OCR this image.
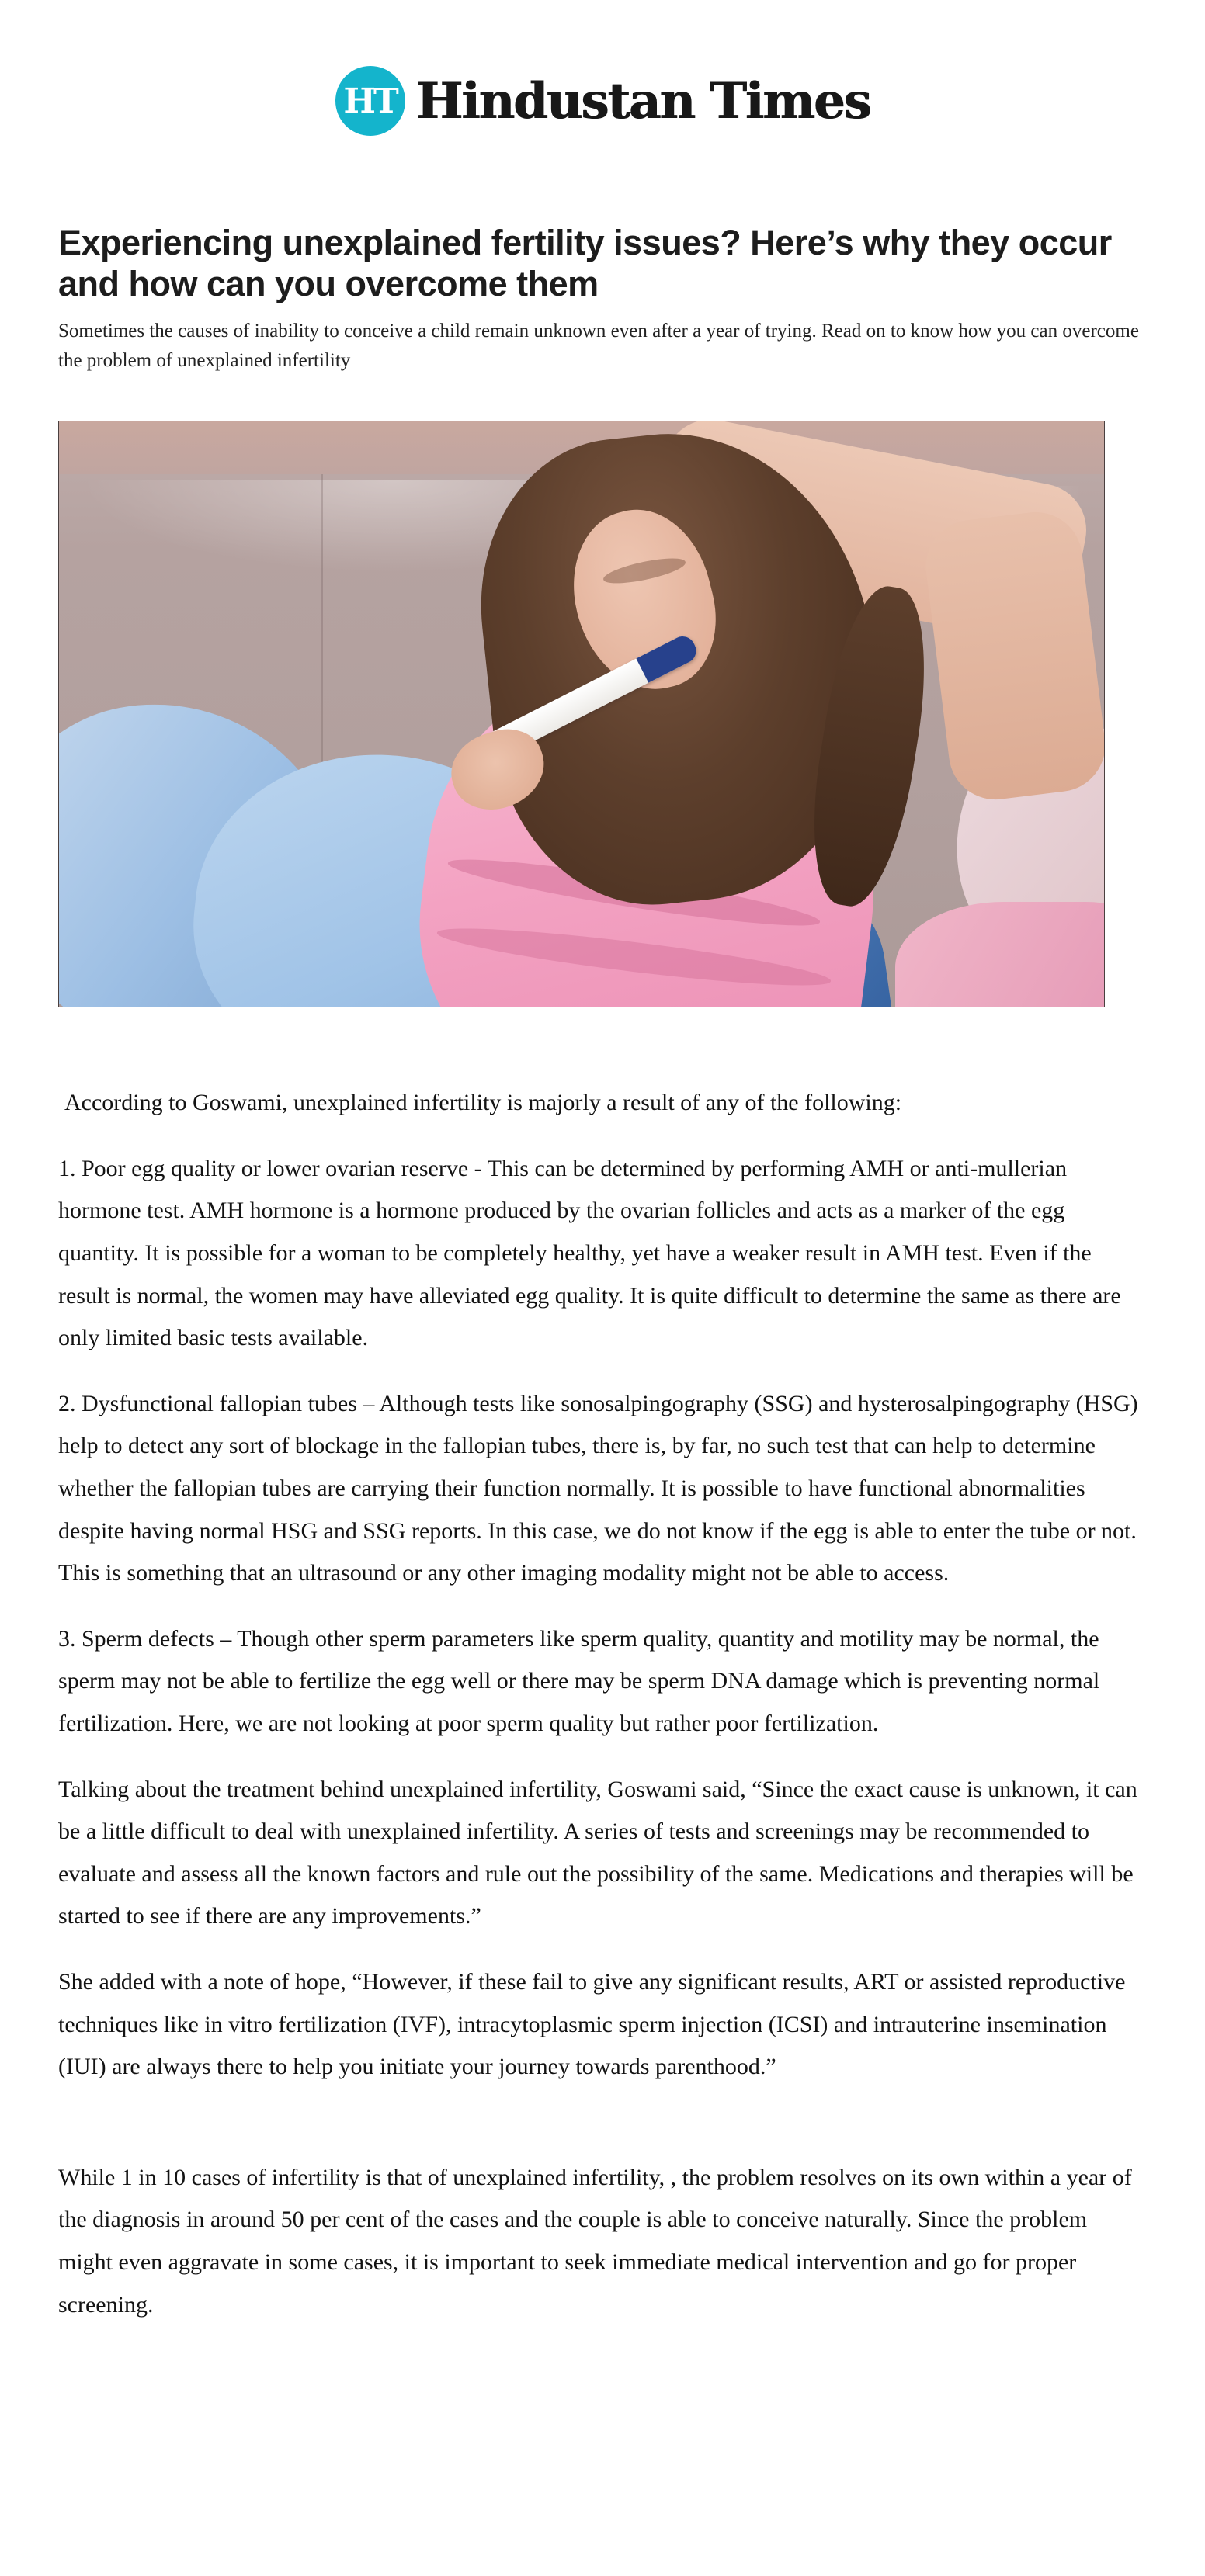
HT Hindustan Times
Experiencing unexplained fertility issues? Here’s why they occur and how can you overcome them

Sometimes the causes of inability to conceive a child remain unknown even after a year of trying. Read on to know how you can overcome the problem of unexplained infertility

According to Goswami, unexplained infertility is majorly a result of any of the following:

1. Poor egg quality or lower ovarian reserve - This can be determined by performing AMH or anti-mullerian hormone test. AMH hormone is a hormone produced by the ovarian follicles and acts as a marker of the egg quantity. It is possible for a woman to be completely healthy, yet have a weaker result in AMH test. Even if the result is normal, the women may have alleviated egg quality. It is quite difficult to determine the same as there are only limited basic tests available.

2. Dysfunctional fallopian tubes – Although tests like sonosalpingography (SSG) and hysterosalpingography (HSG) help to detect any sort of blockage in the fallopian tubes, there is, by far, no such test that can help to determine whether the fallopian tubes are carrying their function normally. It is possible to have functional abnormalities despite having normal HSG and SSG reports. In this case, we do not know if the egg is able to enter the tube or not. This is something that an ultrasound or any other imaging modality might not be able to access.

3. Sperm defects – Though other sperm parameters like sperm quality, quantity and motility may be normal, the sperm may not be able to fertilize the egg well or there may be sperm DNA damage which is preventing normal fertilization. Here, we are not looking at poor sperm quality but rather poor fertilization.

Talking about the treatment behind unexplained infertility, Goswami said, “Since the exact cause is unknown, it can be a little difficult to deal with unexplained infertility. A series of tests and screenings may be recommended to evaluate and assess all the known factors and rule out the possibility of the same. Medications and therapies will be started to see if there are any improvements.”

She added with a note of hope, “However, if these fail to give any significant results, ART or assisted reproductive techniques like in vitro fertilization (IVF), intracytoplasmic sperm injection (ICSI) and intrauterine insemination (IUI) are always there to help you initiate your journey towards parenthood.”

While 1 in 10 cases of infertility is that of unexplained infertility, , the problem resolves on its own within a year of the diagnosis in around 50 per cent of the cases and the couple is able to conceive naturally. Since the problem might even aggravate in some cases, it is important to seek immediate medical intervention and go for proper screening.
